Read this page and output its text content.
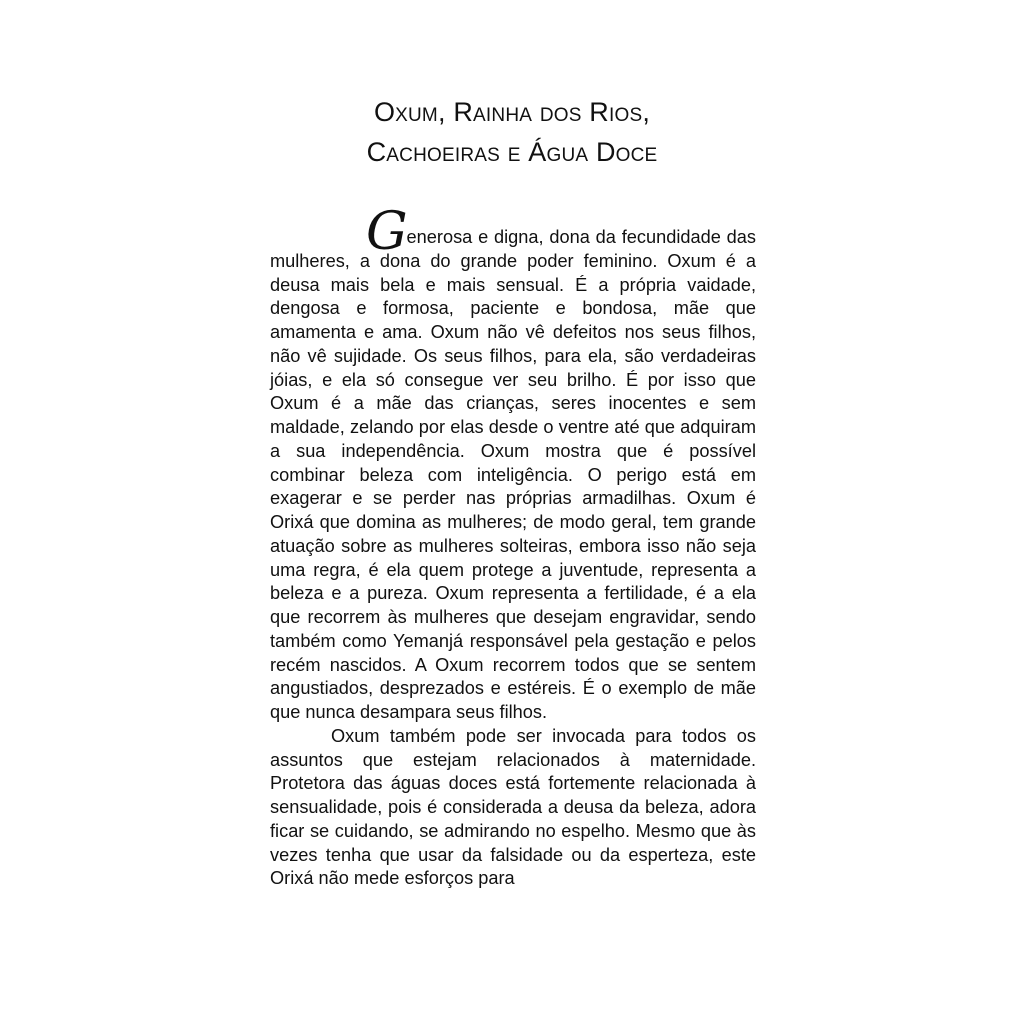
Oxum, Rainha dos Rios,
Cachoeiras e Água Doce

Generosa e digna, dona da fecundidade das mulheres, a dona do grande poder feminino. Oxum é a deusa mais bela e mais sensual. É a própria vaidade, dengosa e formosa, paciente e bondosa, mãe que amamenta e ama. Oxum não vê defeitos nos seus filhos, não vê sujidade. Os seus filhos, para ela, são verdadeiras jóias, e ela só consegue ver seu brilho. É por isso que Oxum é a mãe das crianças, seres inocentes e sem maldade, zelando por elas desde o ventre até que adquiram a sua independência. Oxum mostra que é possível combinar beleza com inteligência. O perigo está em exagerar e se perder nas próprias armadilhas. Oxum é Orixá que domina as mulheres; de modo geral, tem grande atuação sobre as mulheres solteiras, embora isso não seja uma regra, é ela quem protege a juventude, representa a beleza e a pureza. Oxum representa a fertilidade, é a ela que recorrem às mulheres que desejam engravidar, sendo também como Yemanjá responsável pela gestação e pelos recém nascidos. A Oxum recorrem todos que se sentem angustiados, desprezados e estéreis. É o exemplo de mãe que nunca desampara seus filhos.

Oxum também pode ser invocada para todos os assuntos que estejam relacionados à maternidade. Protetora das águas doces está fortemente relacionada à sensualidade, pois é considerada a deusa da beleza, adora ficar se cuidando, se admirando no espelho. Mesmo que às vezes tenha que usar da falsidade ou da esperteza, este Orixá não mede esforços para
